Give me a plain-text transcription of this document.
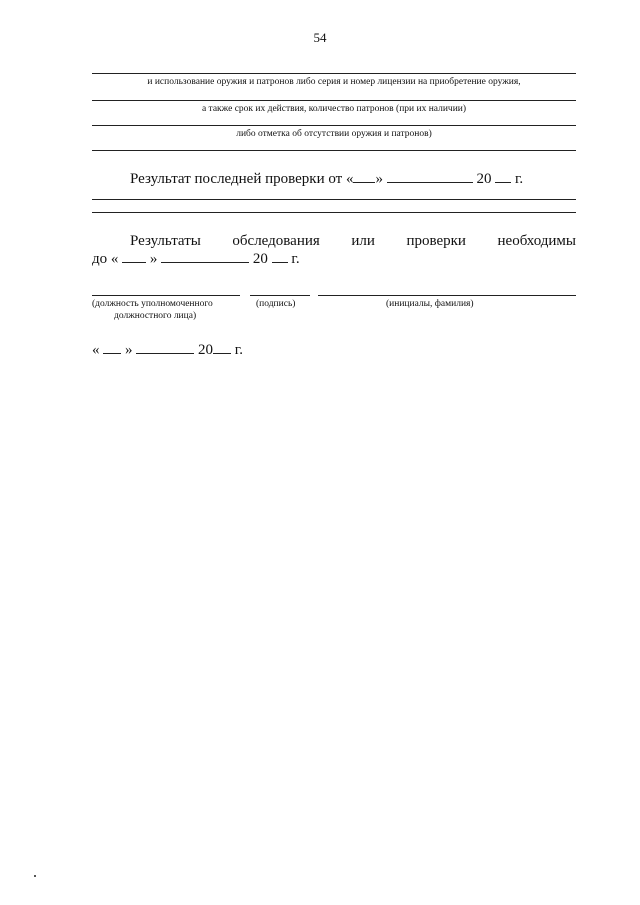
54
и использование оружия и патронов либо серия и номер лицензии на приобретение оружия,
а также срок их действия, количество патронов (при их наличии)
либо отметка об отсутствии оружия и патронов)
Результат последней проверки от « »	20 г.
Результаты обследования или проверки необходимы
до « »	20 г.
(должность уполномоченного
должностного лица)
(подпись)	(инициалы, фамилия)
« »	20 г.
